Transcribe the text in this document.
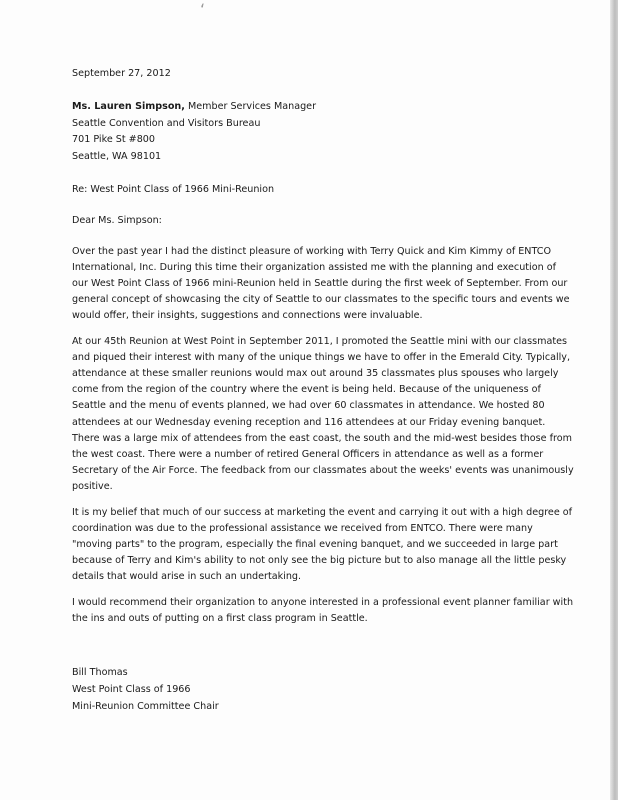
‘
September 27, 2012
Ms. Lauren Simpson, Member Services Manager
Seattle Convention and Visitors Bureau
701 Pike St #800
Seattle, WA 98101
Re: West Point Class of 1966 Mini-Reunion
Dear Ms. Simpson:

Over the past year I had the distinct pleasure of working with Terry Quick and Kim Kimmy of ENTCO
International, Inc. During this time their organization assisted me with the planning and execution of
our West Point Class of 1966 mini-Reunion held in Seattle during the first week of September. From our
general concept of showcasing the city of Seattle to our classmates to the specific tours and events we
would offer, their insights, suggestions and connections were invaluable.

At our 45th Reunion at West Point in September 2011, I promoted the Seattle mini with our classmates
and piqued their interest with many of the unique things we have to offer in the Emerald City. Typically,
attendance at these smaller reunions would max out around 35 classmates plus spouses who largely
come from the region of the country where the event is being held. Because of the uniqueness of
Seattle and the menu of events planned, we had over 60 classmates in attendance. We hosted 80
attendees at our Wednesday evening reception and 116 attendees at our Friday evening banquet.
There was a large mix of attendees from the east coast, the south and the mid-west besides those from
the west coast. There were a number of retired General Officers in attendance as well as a former
Secretary of the Air Force. The feedback from our classmates about the weeks' events was unanimously
positive.

It is my belief that much of our success at marketing the event and carrying it out with a high degree of
coordination was due to the professional assistance we received from ENTCO. There were many
"moving parts" to the program, especially the final evening banquet, and we succeeded in large part
because of Terry and Kim's ability to not only see the big picture but to also manage all the little pesky
details that would arise in such an undertaking.

I would recommend their organization to anyone interested in a professional event planner familiar with
the ins and outs of putting on a first class program in Seattle.

Bill Thomas
West Point Class of 1966
Mini-Reunion Committee Chair
